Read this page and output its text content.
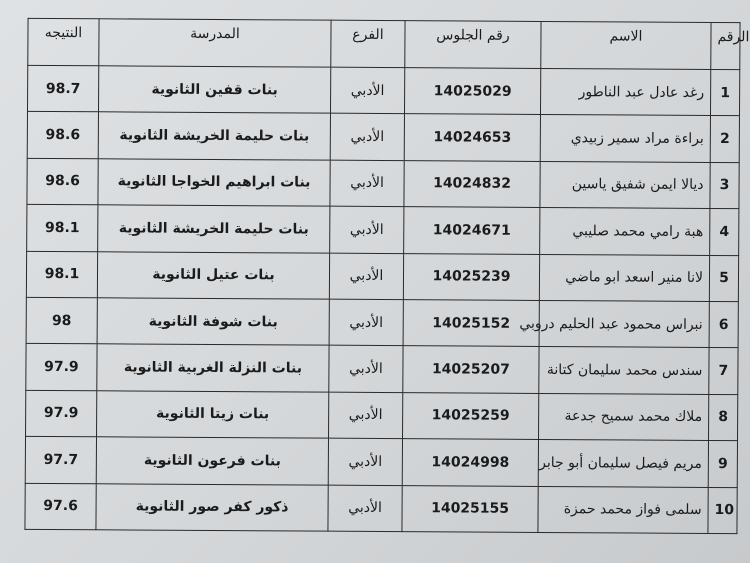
النتيجه	المدرسة	الفرع	رقم الجلوس	الاسم	الرقم
98.7	بنات قفين الثانوية	الأدبي	14025029	رغد عادل عبد الناطور	1
98.6	بنات حليمة الخريشة الثانوية	الأدبي	14024653	براءة مراد سمير زبيدي	2
98.6	بنات ابراهيم الخواجا الثانوية	الأدبي	14024832	ديالا ايمن شفيق ياسين	3
98.1	بنات حليمة الخريشة الثانوية	الأدبي	14024671	هبة رامي محمد صليبي	4
98.1	بنات عتيل الثانوية	الأدبي	14025239	لانا منير اسعد ابو ماضي	5
98	بنات شوفة الثانوية	الأدبي	14025152	نبراس محمود عبد الحليم دروبي	6
97.9	بنات النزلة الغربية الثانوية	الأدبي	14025207	سندس محمد سليمان كتانة	7
97.9	بنات زيتا الثانوية	الأدبي	14025259	ملاك محمد سميح جدعة	8
97.7	بنات فرعون الثانوية	الأدبي	14024998	مريم فيصل سليمان أبو جابر	9
97.6	ذكور كفر صور الثانوية	الأدبي	14025155	سلمى فواز محمد حمزة	10
